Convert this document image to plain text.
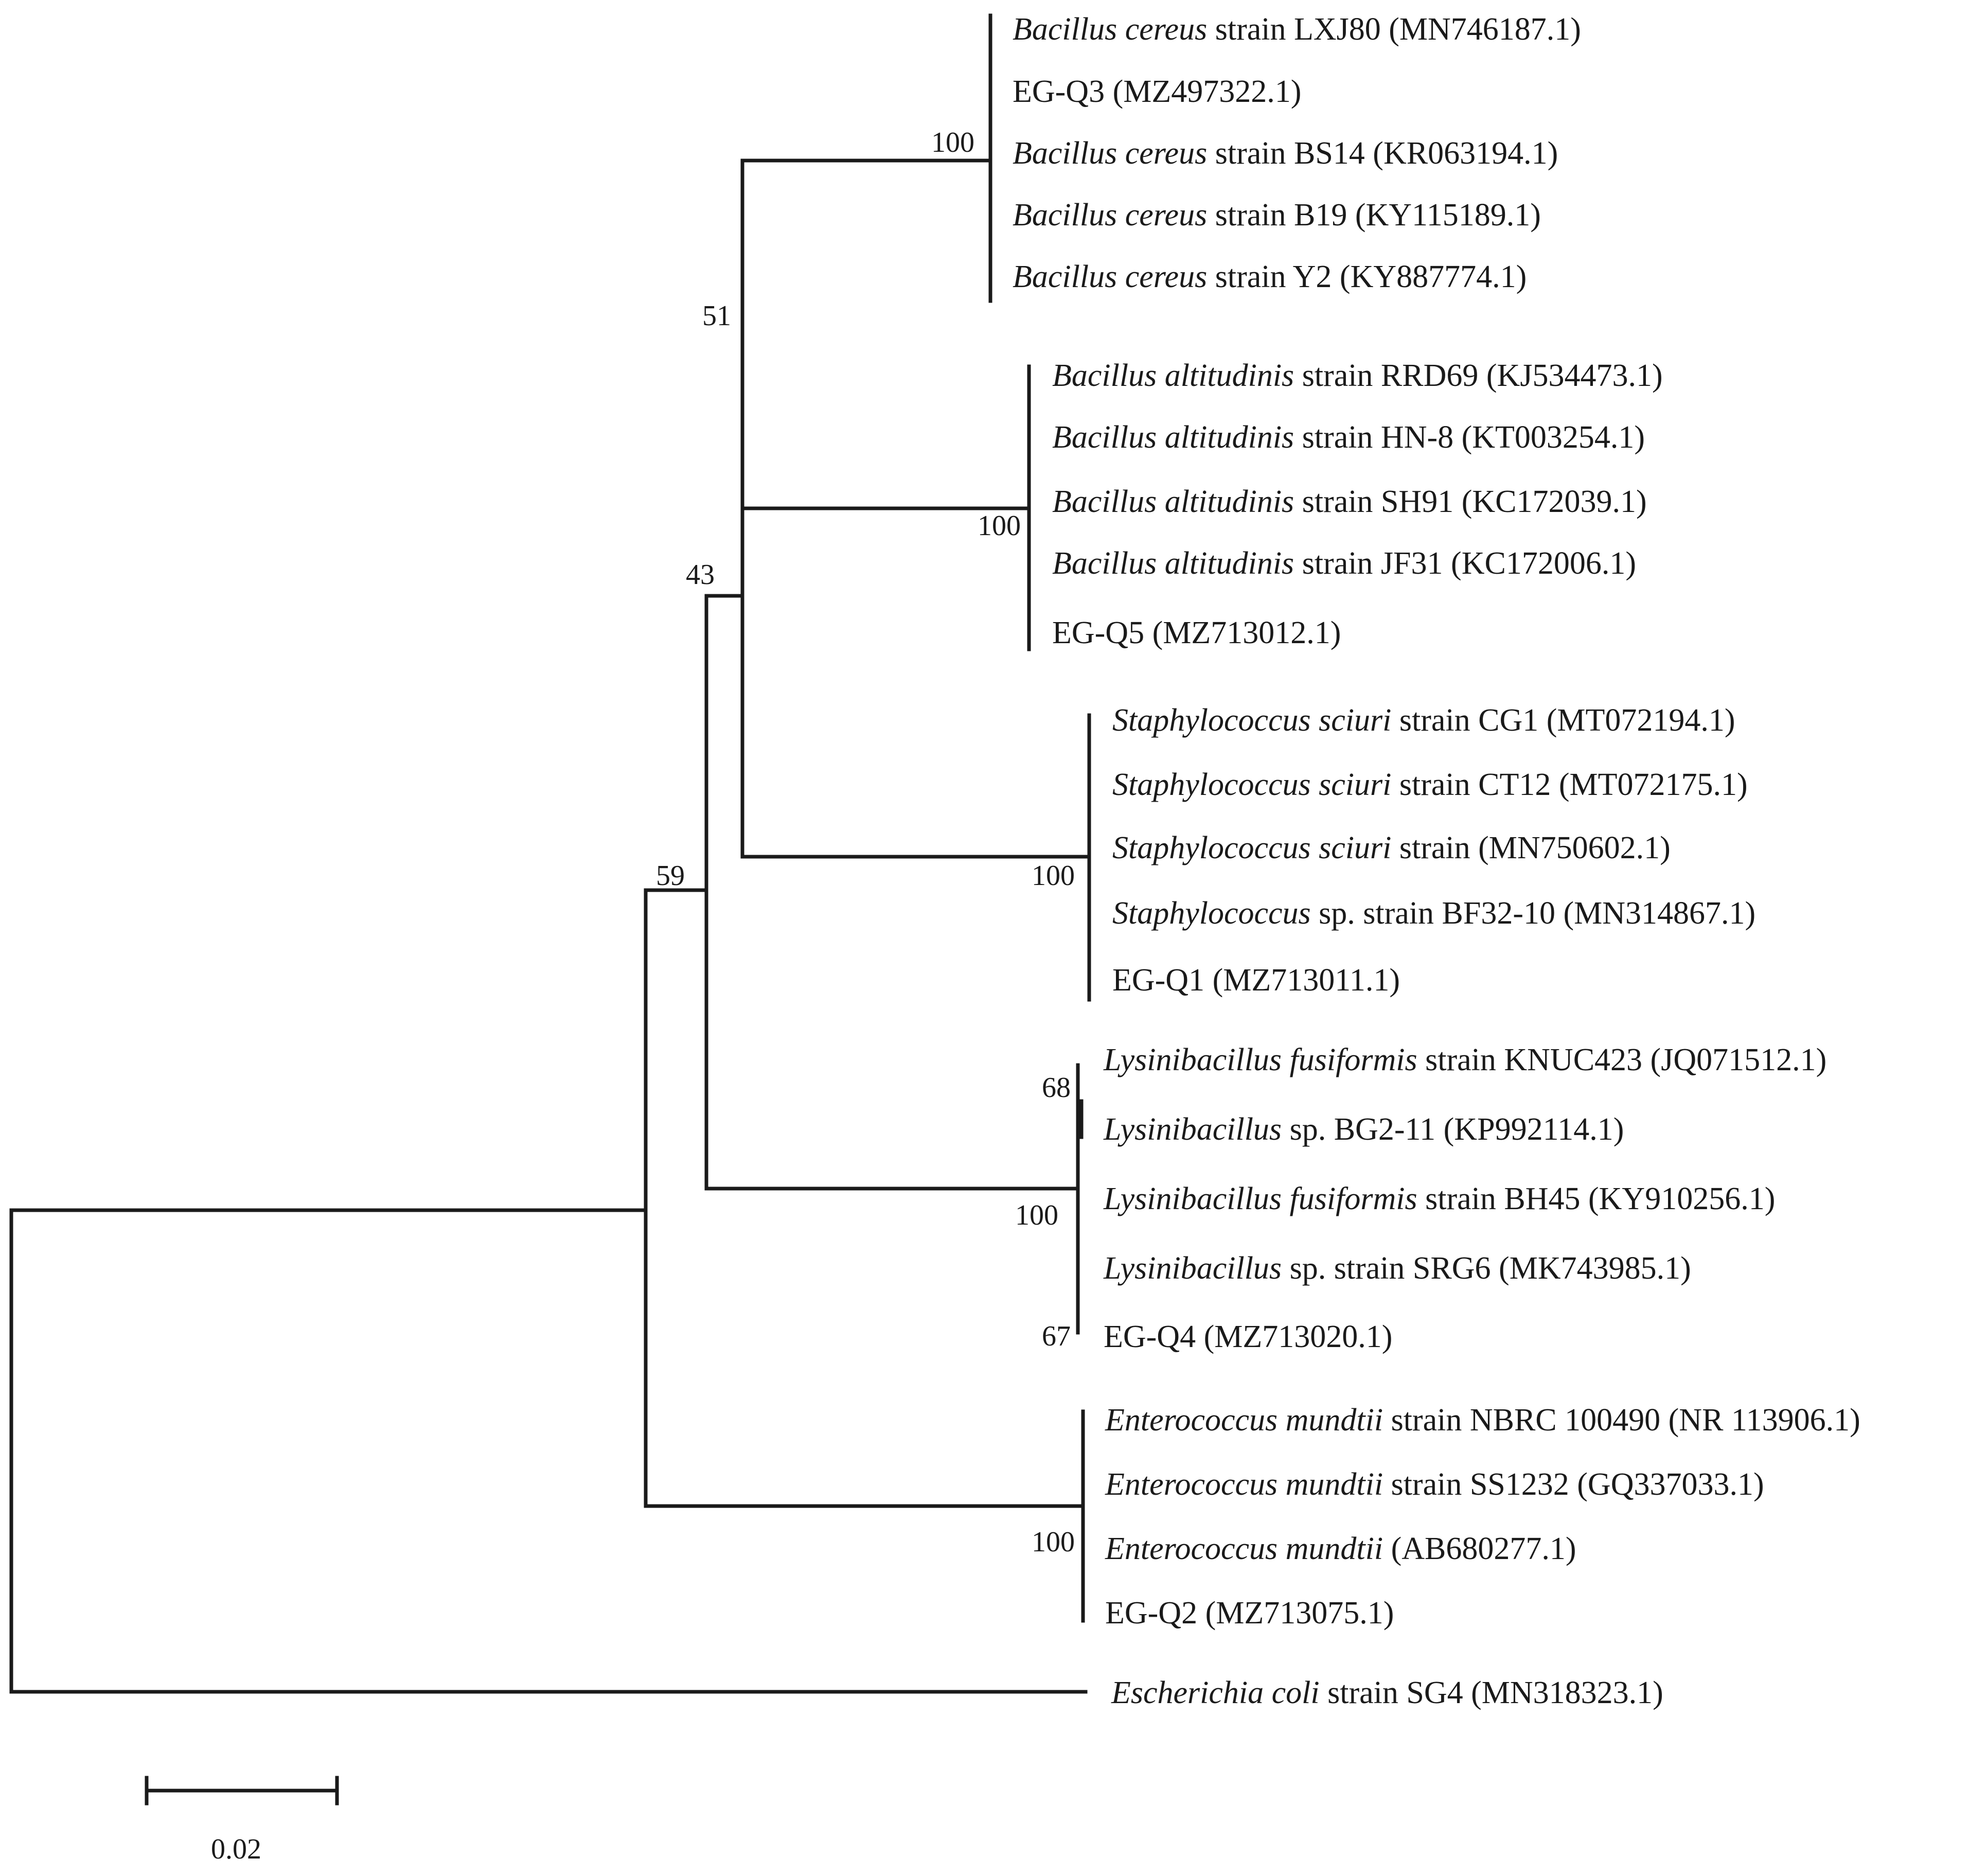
100
51
100
43
100
59
68
100
67
100
Bacillus cereus strain LXJ80 (MN746187.1)
EG-Q3 (MZ497322.1)
Bacillus cereus strain BS14 (KR063194.1)
Bacillus cereus strain B19 (KY115189.1)
Bacillus cereus strain Y2 (KY887774.1)
Bacillus altitudinis strain RRD69 (KJ534473.1)
Bacillus altitudinis strain HN-8 (KT003254.1)
Bacillus altitudinis strain SH91 (KC172039.1)
Bacillus altitudinis strain JF31 (KC172006.1)
EG-Q5 (MZ713012.1)
Staphylococcus sciuri strain CG1 (MT072194.1)
Staphylococcus sciuri strain CT12 (MT072175.1)
Staphylococcus sciuri strain (MN750602.1)
Staphylococcus sp. strain BF32-10 (MN314867.1)
EG-Q1 (MZ713011.1)
Lysinibacillus fusiformis strain KNUC423 (JQ071512.1)
Lysinibacillus sp. BG2-11 (KP992114.1)
Lysinibacillus fusiformis strain BH45 (KY910256.1)
Lysinibacillus sp. strain SRG6 (MK743985.1)
EG-Q4 (MZ713020.1)
Enterococcus mundtii strain NBRC 100490 (NR 113906.1)
Enterococcus mundtii strain SS1232 (GQ337033.1)
Enterococcus mundtii (AB680277.1)
EG-Q2 (MZ713075.1)
Escherichia coli strain SG4 (MN318323.1)
0.02
